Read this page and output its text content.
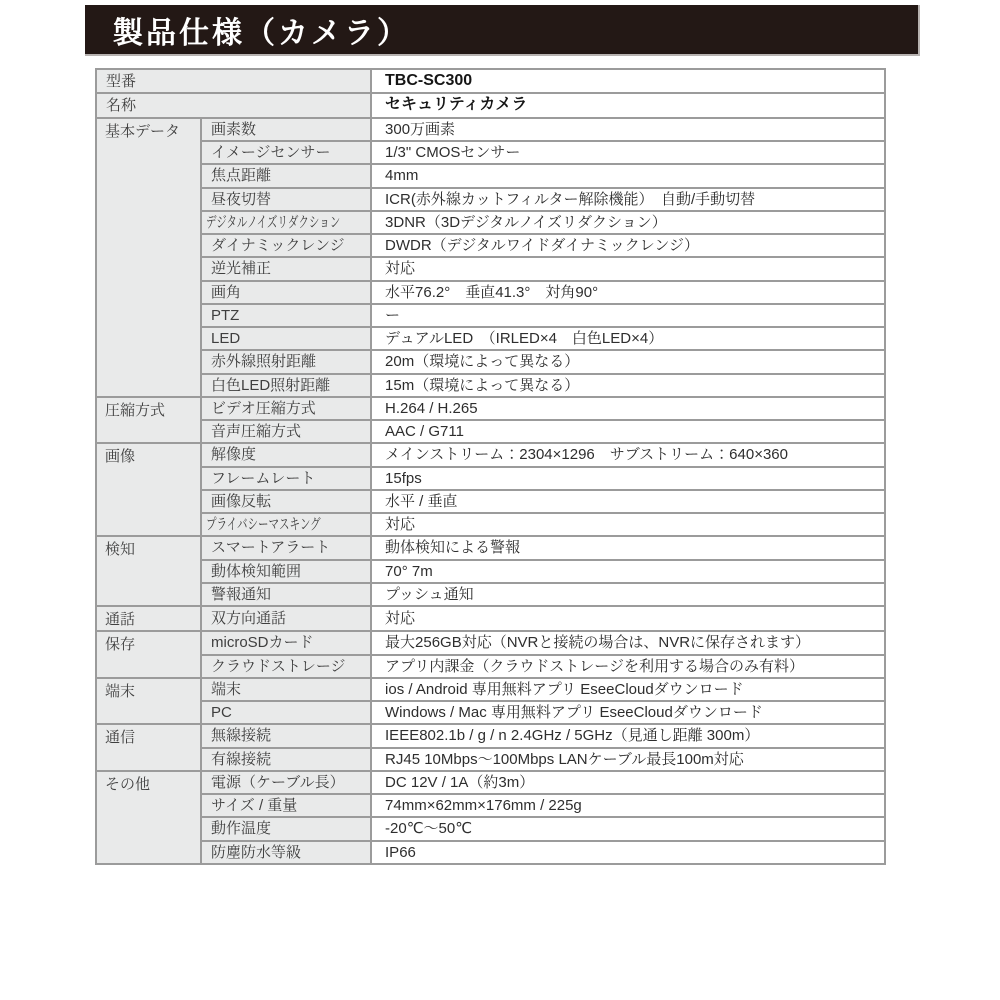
製品仕様（カメラ）
型番		TBC-SC300
名称		セキュリティカメラ
基本データ	画素数	300万画素
	イメージセンサー	1/3" CMOSセンサー
	焦点距離	4mm
	昼夜切替	ICR(赤外線カットフィルター解除機能）　自動/手動切替
	デジタルノイズリダクション	3DNR（3Dデジタルノイズリダクション）
	ダイナミックレンジ	DWDR（デジタルワイドダイナミックレンジ）
	逆光補正	対応
	画角	水平76.2°　垂直41.3°　対角90°
	PTZ	ー
	LED	デュアルLED　（IRLED×4　白色LED×4）
	赤外線照射距離	20m（環境によって異なる）
	白色LED照射距離	15m（環境によって異なる）
圧縮方式	ビデオ圧縮方式	H.264 / H.265
	音声圧縮方式	AAC / G711
画像	解像度	メインストリーム：2304×1296　サブストリーム：640×360
	フレームレート	15fps
	画像反転	水平 / 垂直
	プライバシーマスキング	対応
検知	スマートアラート	動体検知による警報
	動体検知範囲	70° 7m
	警報通知	プッシュ通知
通話	双方向通話	対応
保存	microSDカード	最大256GB対応（NVRと接続の場合は、NVRに保存されます）
	クラウドストレージ	アプリ内課金（クラウドストレージを利用する場合のみ有料）
端末	端末	ios / Android 専用無料アプリ EseeCloudダウンロード
	PC	Windows / Mac 専用無料アプリ EseeCloudダウンロード
通信	無線接続	IEEE802.1b / g / n 2.4GHz / 5GHz（見通し距離 300m）
	有線接続	RJ45 10Mbps～100Mbps LANケーブル最長100m対応
その他	電源（ケーブル長）	DC 12V / 1A（約3m）
	サイズ / 重量	74mm×62mm×176mm / 225g
	動作温度	-20℃～50℃
	防塵防水等級	IP66
